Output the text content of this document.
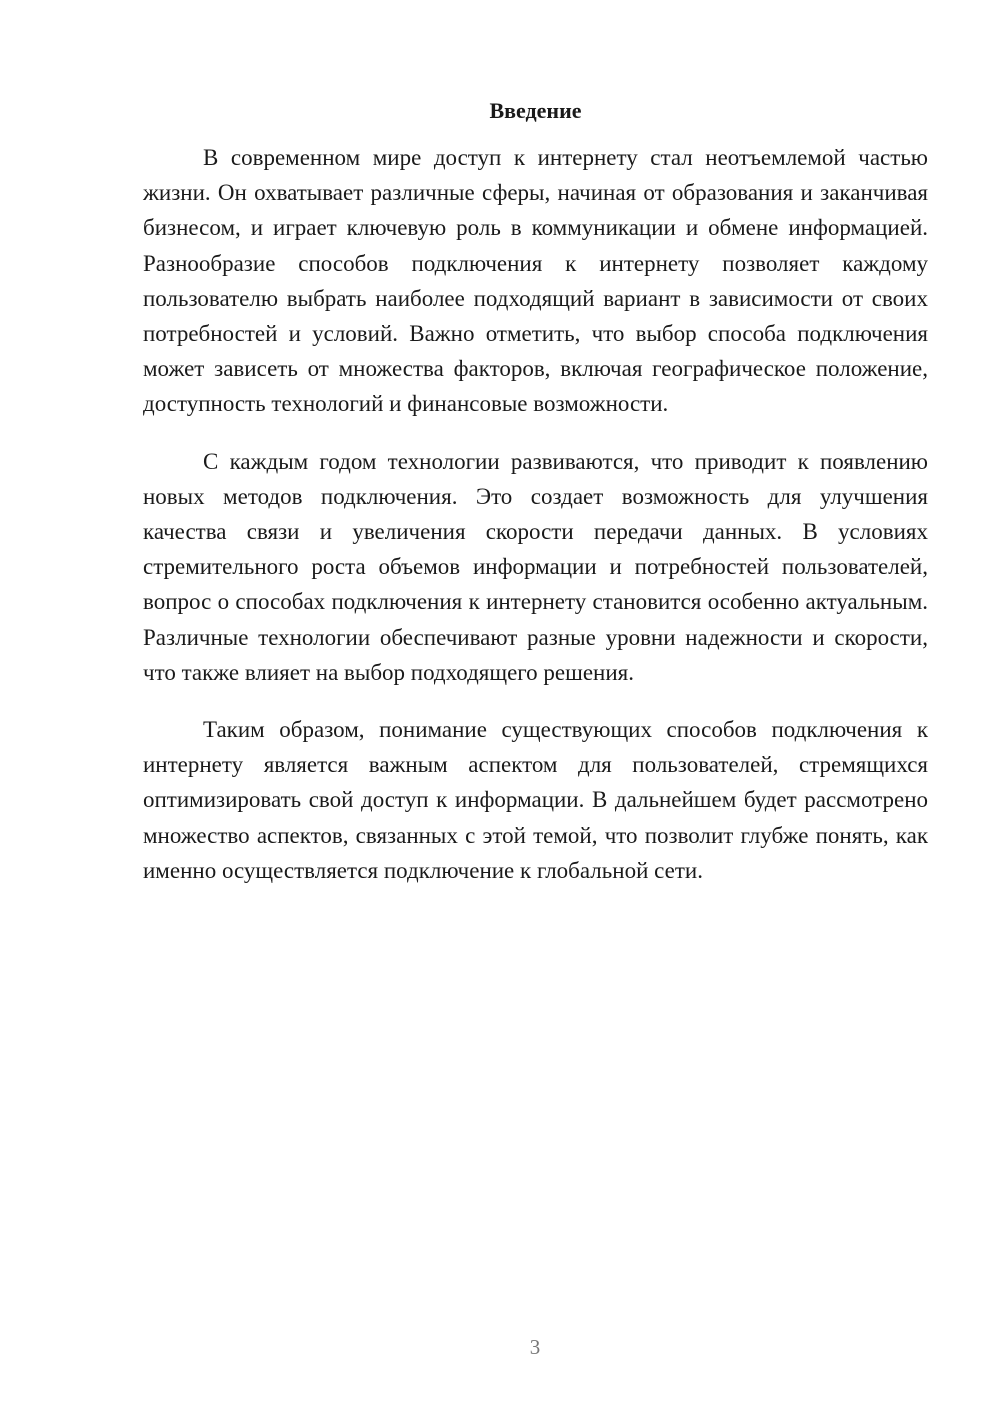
Введение

В современном мире доступ к интернету стал неотъемлемой частью жизни. Он охватывает различные сферы, начиная от образования и заканчивая бизнесом, и играет ключевую роль в коммуникации и обмене информацией. Разнообразие способов подключения к интернету позволяет каждому пользователю выбрать наиболее подходящий вариант в зависимости от своих потребностей и условий. Важно отметить, что выбор способа подключения может зависеть от множества факторов, включая географическое положение, доступность технологий и финансовые возможности.

С каждым годом технологии развиваются, что приводит к появлению новых методов подключения. Это создает возможность для улучшения качества связи и увеличения скорости передачи данных. В условиях стремительного роста объемов информации и потребностей пользователей, вопрос о способах подключения к интернету становится особенно актуальным. Различные технологии обеспечивают разные уровни надежности и скорости, что также влияет на выбор подходящего решения.

Таким образом, понимание существующих способов подключения к интернету является важным аспектом для пользователей, стремящихся оптимизировать свой доступ к информации. В дальнейшем будет рассмотрено множество аспектов, связанных с этой темой, что позволит глубже понять, как именно осуществляется подключение к глобальной сети.

3
